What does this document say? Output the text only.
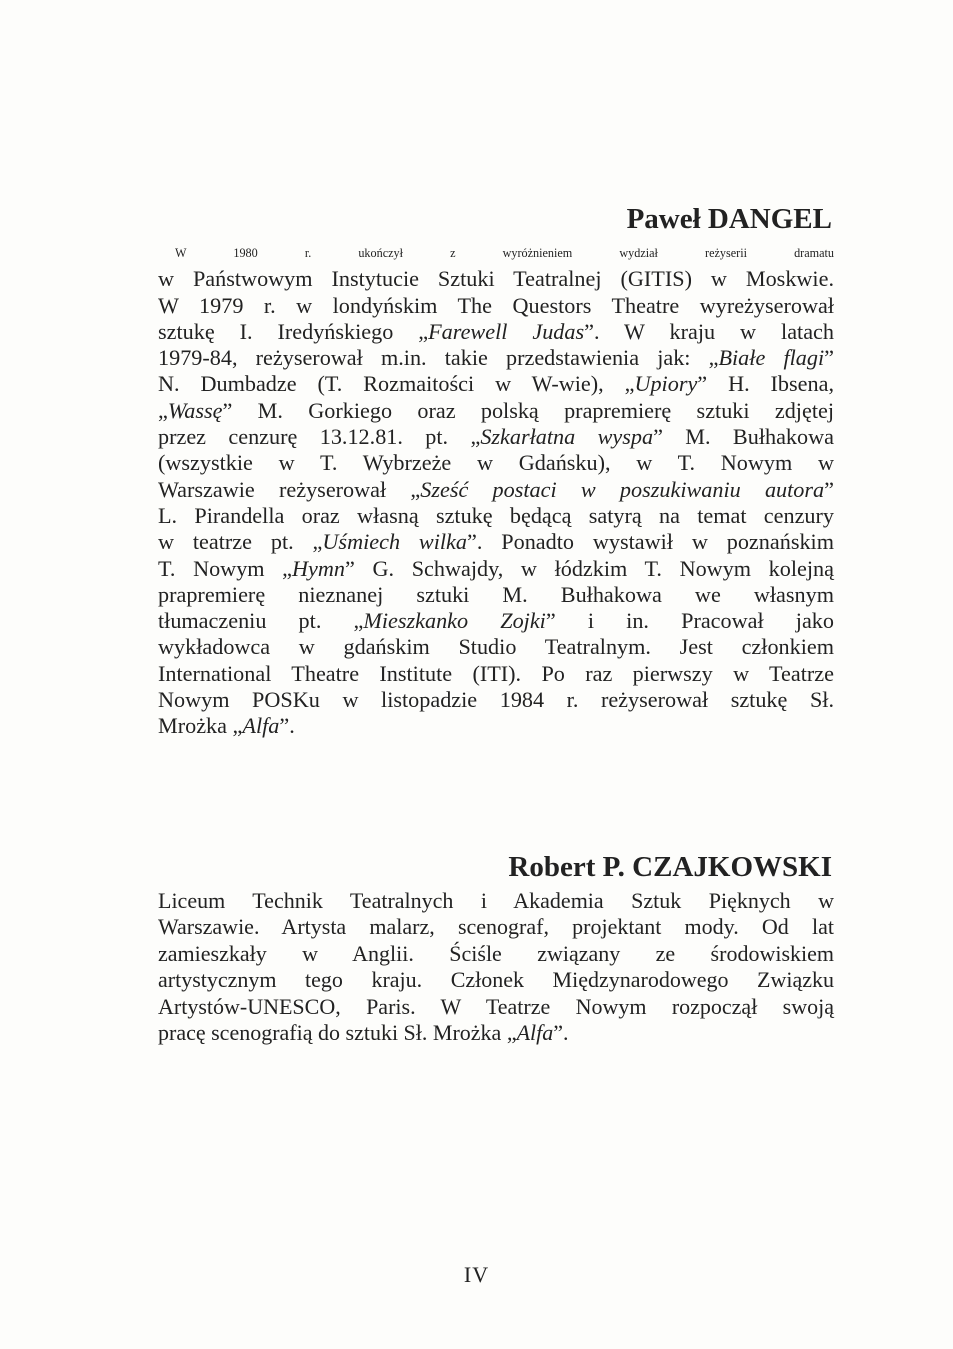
Paweł DANGEL

W 1980 r. ukończył z wyróżnieniem wydział reżyserii dramatu
w Państwowym Instytucie Sztuki Teatralnej (GITIS) w Moskwie.
W 1979 r. w londyńskim The Questors Theatre wyreżyserował
sztukę I. Iredyńskiego „Farewell Judas”. W kraju w latach
1979-84, reżyserował m.in. takie przedstawienia jak: „Białe flagi”
N. Dumbadze (T. Rozmaitości w W-wie), „Upiory” H. Ibsena,
„Wassę” M. Gorkiego oraz polską prapremierę sztuki zdjętej
przez cenzurę 13.12.81. pt. „Szkarłatna wyspa” M. Bułhakowa
(wszystkie w T. Wybrzeże w Gdańsku), w T. Nowym w
Warszawie reżyserował „Sześć postaci w poszukiwaniu autora”
L. Pirandella oraz własną sztukę będącą satyrą na temat cenzury
w teatrze pt. „Uśmiech wilka”. Ponadto wystawił w poznańskim
T. Nowym „Hymn” G. Schwajdy, w łódzkim T. Nowym kolejną
prapremierę nieznanej sztuki M. Bułhakowa we własnym
tłumaczeniu pt. „Mieszkanko Zojki” i in. Pracował jako
wykładowca w gdańskim Studio Teatralnym. Jest członkiem
International Theatre Institute (ITI). Po raz pierwszy w Teatrze
Nowym POSKu w listopadzie 1984 r. reżyserował sztukę Sł.
Mrożka „Alfa”.

Robert P. CZAJKOWSKI

Liceum Technik Teatralnych i Akademia Sztuk Pięknych w
Warszawie. Artysta malarz, scenograf, projektant mody. Od lat
zamieszkały w Anglii. Ściśle związany ze środowiskiem
artystycznym tego kraju. Członek Międzynarodowego Związku
Artystów-UNESCO, Paris. W Teatrze Nowym rozpoczął swoją
pracę scenografią do sztuki Sł. Mrożka „Alfa”.

IV
